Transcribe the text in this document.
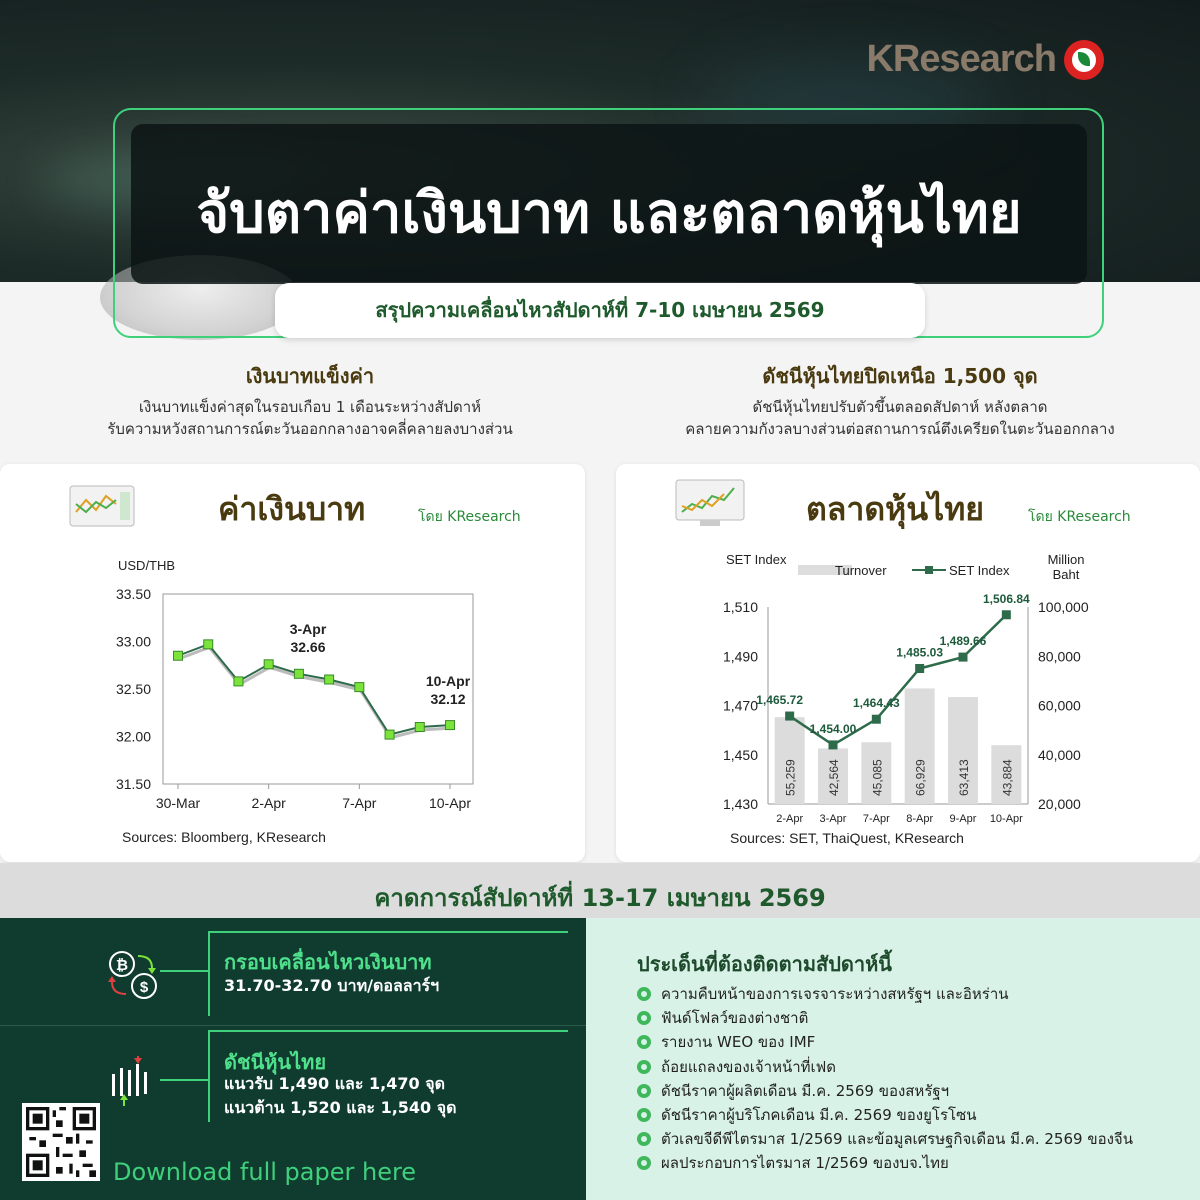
KResearch
จับตาค่าเงินบาท และตลาดหุ้นไทย
สรุปความเคลื่อนไหวสัปดาห์ที่ 7-10 เมษายน 2569
เงินบาทแข็งค่า
เงินบาทแข็งค่าสุดในรอบเกือบ 1 เดือนระหว่างสัปดาห์
รับความหวังสถานการณ์ตะวันออกกลางอาจคลี่คลายลงบางส่วน
ดัชนีหุ้นไทยปิดเหนือ 1,500 จุด
ดัชนีหุ้นไทยปรับตัวขึ้นตลอดสัปดาห์ หลังตลาด
คลายความกังวลบางส่วนต่อสถานการณ์ตึงเครียดในตะวันออกกลาง
ค่าเงินบาท	โดย KResearch
USD/THB
33.50
33.00
32.50
32.00
31.50
30-Mar	2-Apr	7-Apr	10-Apr
3-Apr
32.66
10-Apr
32.12
Sources: Bloomberg, KResearch
ตลาดหุ้นไทย	โดย KResearch
SET Index	Million
Baht
Turnover	SET Index
1,510
1,490
1,470
1,450
1,430
100,000
80,000
60,000
40,000
20,000
55,259 42,564 45,085 66,929 63,413 43,884
1,465.72
1,454.00
1,464.43
1,485.03
1,489.66
1,506.84
2-Apr 3-Apr 7-Apr 8-Apr 9-Apr 10-Apr
Sources: SET, ThaiQuest, KResearch
คาดการณ์สัปดาห์ที่ 13-17 เมษายน 2569
₿
$
กรอบเคลื่อนไหวเงินบาท
31.70-32.70 บาท/ดอลลาร์ฯ
ดัชนีหุ้นไทย
แนวรับ 1,490 และ 1,470 จุด
แนวต้าน 1,520 และ 1,540 จุด
Download full paper here
ประเด็นที่ต้องติดตามสัปดาห์นี้
ความคืบหน้าของการเจรจาระหว่างสหรัฐฯ และอิหร่าน
ฟันด์โฟลว์ของต่างชาติ
รายงาน WEO ของ IMF
ถ้อยแถลงของเจ้าหน้าที่เฟด
ดัชนีราคาผู้ผลิตเดือน มี.ค. 2569 ของสหรัฐฯ
ดัชนีราคาผู้บริโภคเดือน มี.ค. 2569 ของยูโรโซน
ตัวเลขจีดีพีไตรมาส 1/2569 และข้อมูลเศรษฐกิจเดือน มี.ค. 2569 ของจีน
ผลประกอบการไตรมาส 1/2569 ของบจ.ไทย
